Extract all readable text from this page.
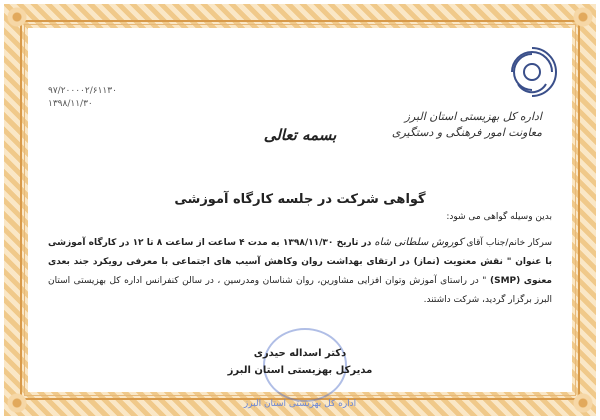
اداره کل بهزیستی استان البرز
معاونت امور فرهنگی و دستگیری
۹۷/۲۰۰۰۰۲/۶۱۱۳۰
۱۳۹۸/۱۱/۳۰
بسمه تعالی
گواهی شرکت در جلسه کارگاه آموزشی
بدین وسیله گواهی می شود:
سرکار خانم/جناب آقای کوروش سلطانی شاه در تاریخ ۱۳۹۸/۱۱/۳۰ به مدت ۴ ساعت از ساعت ۸ تا ۱۲ در کارگاه آموزشی با عنوان " نقش معنویت (نماز) در ارتقای بهداشت روان وکاهش آسیب های اجتماعی با معرفی رویکرد جند بعدی معنوی (SMP) " در راستای آموزش وتوان افزایی مشاورین، روان شناسان ومدرسین ، در سالن کنفرانس اداره کل بهزیستی استان البرز برگزار گردید، شرکت داشتند.
دکتر اسداله حیدری
مدیرکل بهزیستی استان البرز
اداره کل بهزیستی استان البرز
